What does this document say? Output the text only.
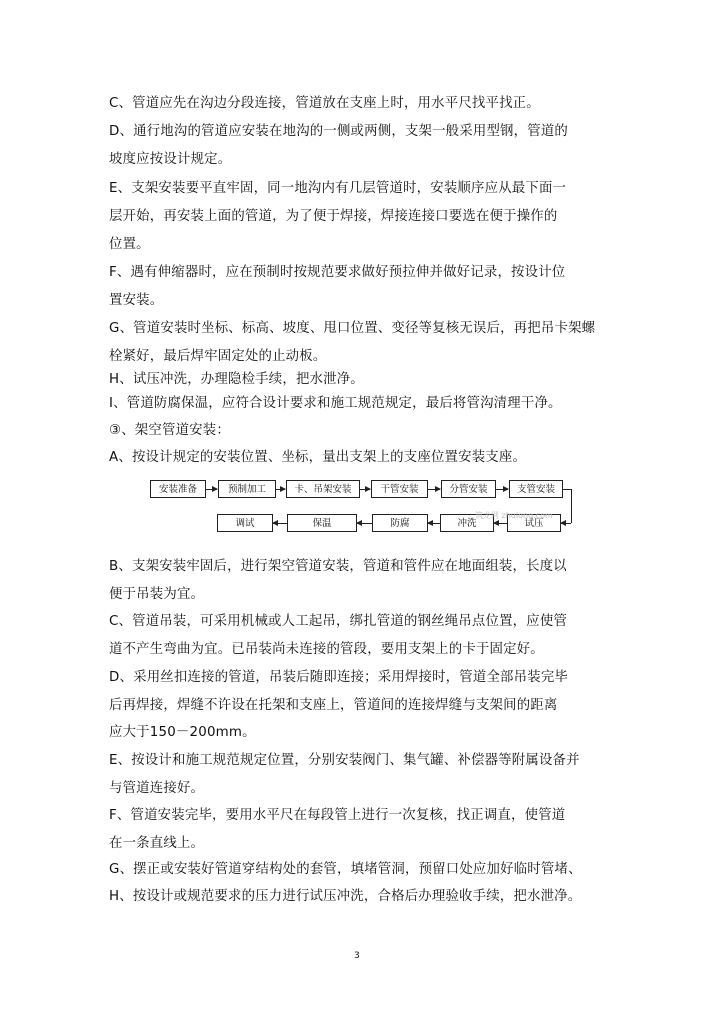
C、管道应先在沟边分段连接，管道放在支座上时，用水平尺找平找正。
D、通行地沟的管道应安装在地沟的一侧或两侧，支架一般采用型钢，管道的
坡度应按设计规定。
E、支架安装要平直牢固，同一地沟内有几层管道时，安装顺序应从最下面一
层开始，再安装上面的管道，为了便于焊接，焊接连接口要选在便于操作的
位置。
F、遇有伸缩器时，应在预制时按规范要求做好预拉伸并做好记录，按设计位
置安装。
G、管道安装时坐标、标高、坡度、甩口位置、变径等复核无误后，再把吊卡架螺
栓紧好，最后焊牢固定处的止动板。
H、试压冲洗，办理隐检手续，把水泄净。
I、管道防腐保温，应符合设计要求和施工规范规定，最后将管沟清理干净。
③、架空管道安装：
A、按设计规定的安装位置、坐标，量出支架上的支座位置安装支座。
安装准备	预制加工	卡、吊架安装	干管安装	分管安装	支管安装
试压
冲洗
防腐
保温
调试
筑龙网 zhulong.com
B、支架安装牢固后，进行架空管道安装，管道和管件应在地面组装，长度以
便于吊装为宜。
C、管道吊装，可采用机械或人工起吊，绑扎管道的钢丝绳吊点位置，应使管
道不产生弯曲为宜。已吊装尚未连接的管段，要用支架上的卡于固定好。
D、采用丝扣连接的管道，吊装后随即连接；采用焊接时，管道全部吊装完毕
后再焊接，焊缝不许设在托架和支座上，管道间的连接焊缝与支架间的距离
应大于150－200mm。
E、按设计和施工规范规定位置，分别安装阀门、集气罐、补偿器等附属设备并
与管道连接好。
F、管道安装完毕，要用水平尺在每段管上进行一次复核，找正调直，使管道
在一条直线上。
G、摆正或安装好管道穿结构处的套管，填堵管洞，预留口处应加好临时管堵、
H、按设计或规范要求的压力进行试压冲洗，合格后办理验收手续，把水泄净。
3
